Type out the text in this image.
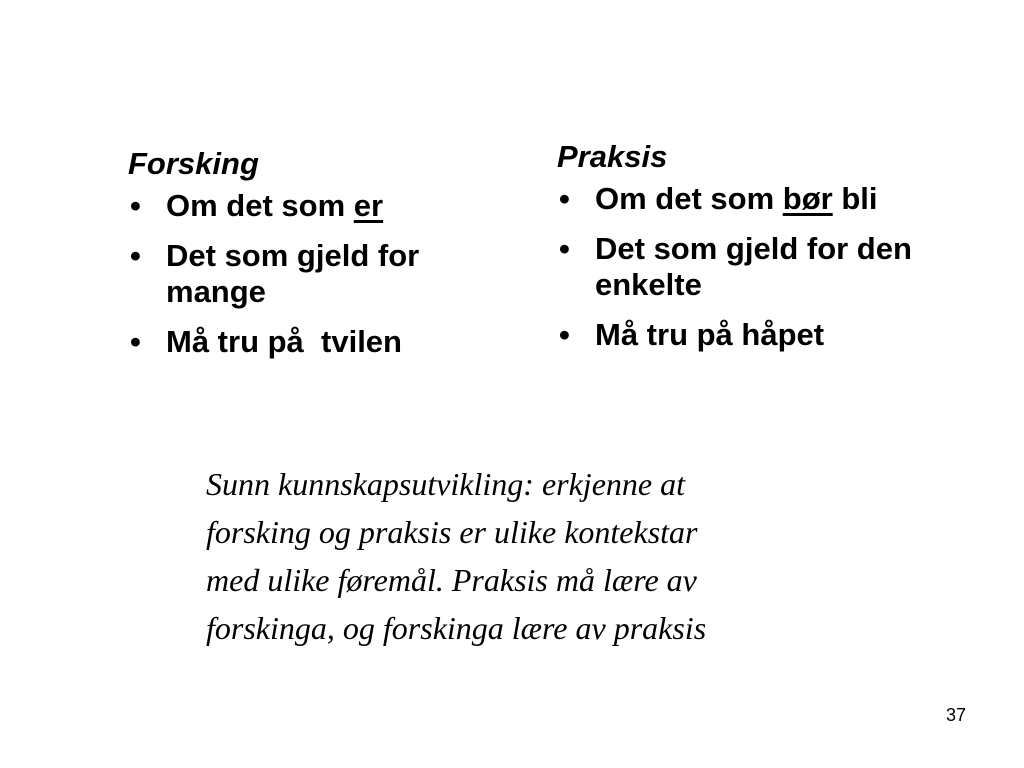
Forsking
• Om det som er
• Det som gjeld for mange
• Må tru på  tvilen
Praksis
• Om det som bør bli
• Det som gjeld for den enkelte
• Må tru på håpet

Sunn kunnskapsutvikling: erkjenne at
forsking og praksis er ulike kontekstar
med ulike føremål. Praksis må lære av
forskinga, og forskinga lære av praksis

37
